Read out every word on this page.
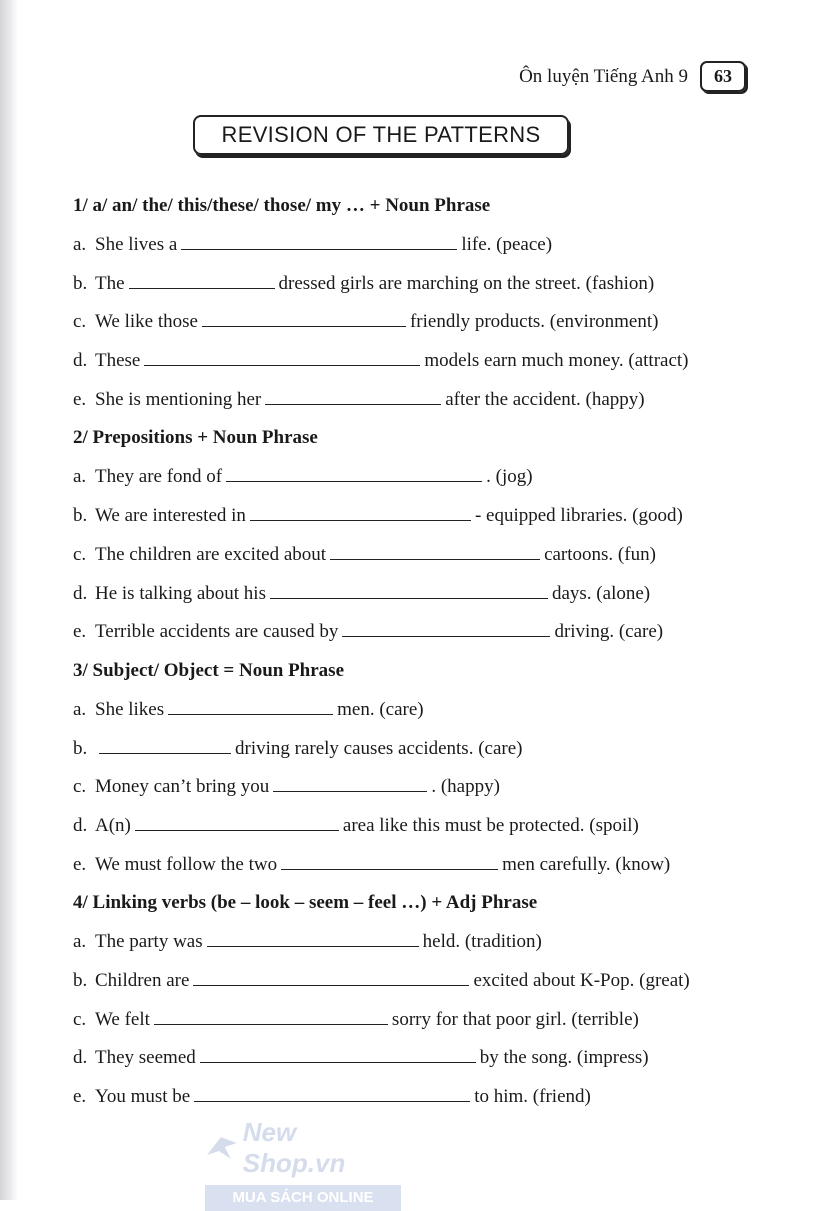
Ôn luyện Tiếng Anh 9	63
REVISION OF THE PATTERNS
1/ a/ an/ the/ this/these/ those/ my … + Noun Phrase
a. She lives a	life. (peace)
b. The	dressed girls are marching on the street. (fashion)
c. We like those	friendly products. (environment)
d. These	models earn much money. (attract)
e. She is mentioning her	after the accident. (happy)
2/ Prepositions + Noun Phrase
a. They are fond of	. (jog)
b. We are interested in	- equipped libraries. (good)
c. The children are excited about	cartoons. (fun)
d. He is talking about his	days. (alone)
e. Terrible accidents are caused by	driving. (care)
3/ Subject/ Object = Noun Phrase
a. She likes	men. (care)
b.	driving rarely causes accidents. (care)
c. Money can’t bring you	. (happy)
d. A(n)	area like this must be protected. (spoil)
e. We must follow the two	men carefully. (know)
4/ Linking verbs (be – look – seem – feel …) + Adj Phrase
a. The party was	held. (tradition)
b. Children are	excited about K-Pop. (great)
c. We felt	sorry for that poor girl. (terrible)
d. They seemed	by the song. (impress)
e. You must be	to him. (friend)
New Shop.vn
MUA SÁCH ONLINE
